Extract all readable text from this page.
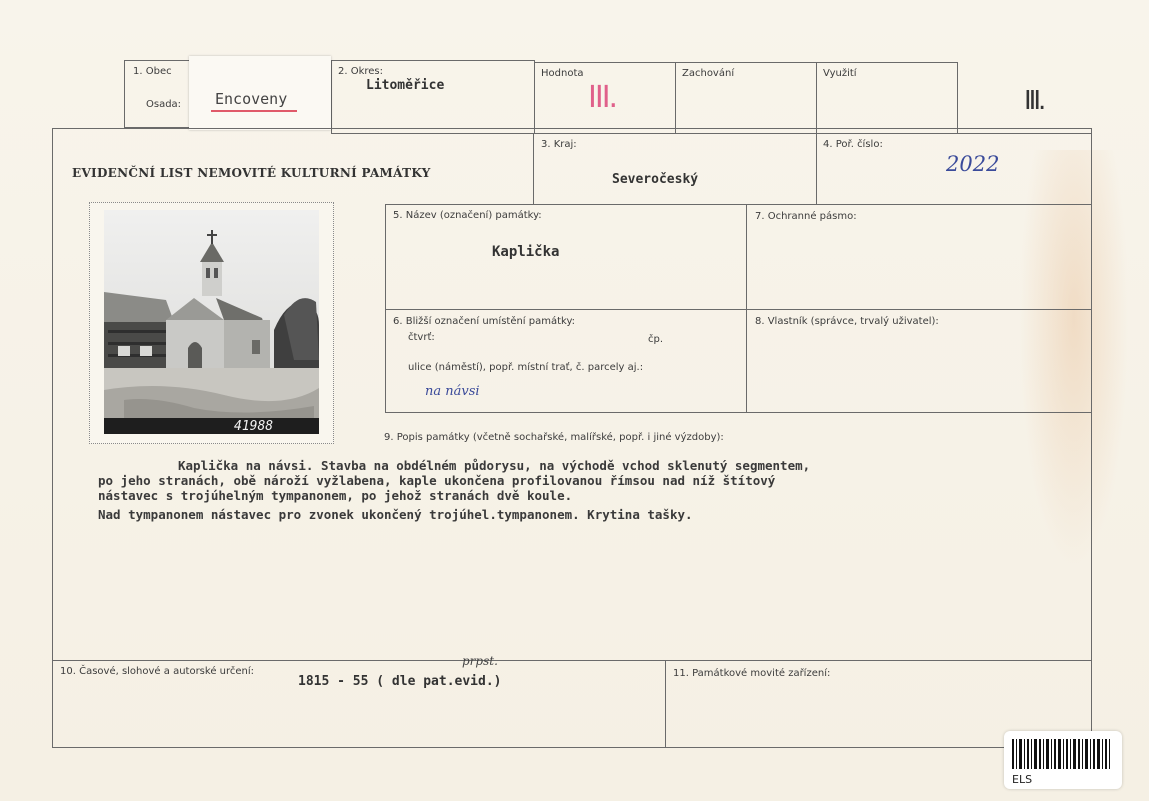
1. Obec
Osada: Encoveny
2. Okres:
Litoměřice
Hodnota
III.
Zachování	Využití
III.
EVIDENČNÍ LIST NEMOVITÉ KULTURNÍ PAMÁTKY
3. Kraj:
Severočeský
4. Poř. číslo:
2022
41988
5. Název (označení) památky:
Kaplička
7. Ochranné pásmo:
6. Bližší označení umístění památky:
čtvrť:	čp.
ulice (náměstí), popř. místní trať, č. parcely aj.:
na návsi
8. Vlastník (správce, trvalý uživatel):
9. Popis památky (včetně sochařské, malířské, popř. i jiné výzdoby):
Kaplička na návsi. Stavba na obdélném půdorysu, na východě vchod sklenutý segmentem,
po jeho stranách, obě nároží vyžlabena, kaple ukončena profilovanou římsou nad níž štítový
nástavec s trojúhelným tympanonem, po jehož stranách dvě koule.
Nad tympanonem nástavec pro zvonek ukončený trojúhel.tympanonem. Krytina tašky.
10. Časové, slohové a autorské určení:
1815 - 55 ( dle pat.evid.)
prpst.
11. Památkové movité zařízení:
ELS
